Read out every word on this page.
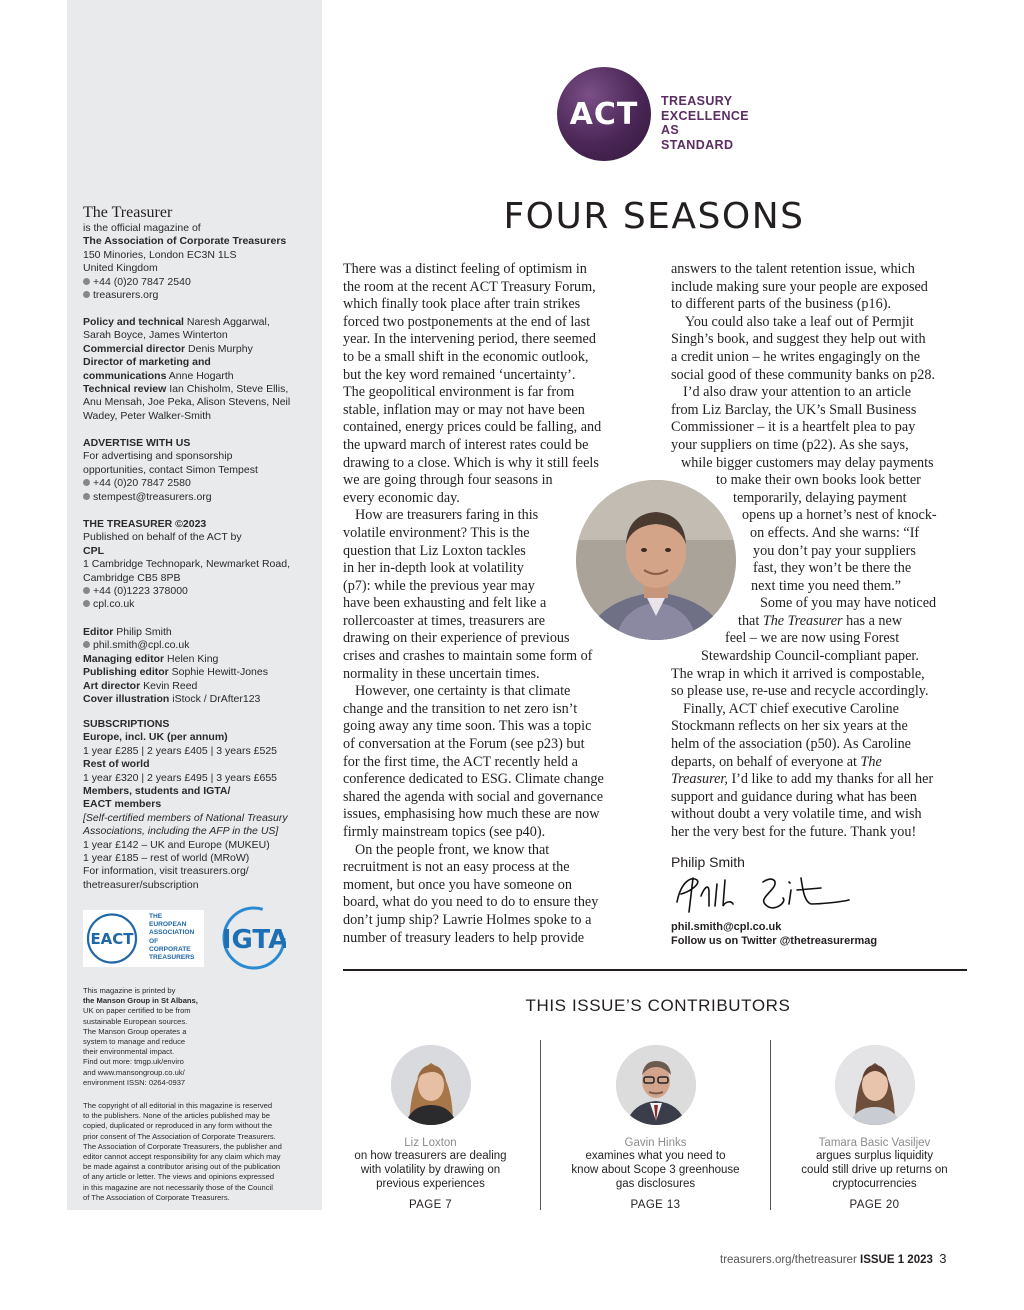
The Treasurer

is the official magazine of

The Association of Corporate Treasurers

150 Minories, London EC3N 1LS

United Kingdom

+44 (0)20 7847 2540

treasurers.org

Policy and technical Naresh Aggarwal,

Sarah Boyce, James Winterton

Commercial director Denis Murphy

Director of marketing and

communications Anne Hogarth

Technical review Ian Chisholm, Steve Ellis,

Anu Mensah, Joe Peka, Alison Stevens, Neil

Wadey, Peter Walker-Smith

ADVERTISE WITH US

For advertising and sponsorship

opportunities, contact Simon Tempest

+44 (0)20 7847 2580

stempest@treasurers.org

THE TREASURER ©2023

Published on behalf of the ACT by

CPL

1 Cambridge Technopark, Newmarket Road,

Cambridge CB5 8PB

+44 (0)1223 378000

cpl.co.uk

Editor Philip Smith

phil.smith@cpl.co.uk

Managing editor Helen King

Publishing editor Sophie Hewitt-Jones

Art director Kevin Reed

Cover illustration iStock / DrAfter123

SUBSCRIPTIONS

Europe, incl. UK (per annum)

1 year £285 | 2 years £405 | 3 years £525

Rest of world

1 year £320 | 2 years £495 | 3 years £655

Members, students and IGTA/

EACT members

[Self-certified members of National Treasury

Associations, including the AFP in the US]

1 year £142 – UK and Europe (MUKEU)

1 year £185 – rest of world (MRoW)

For information, visit treasurers.org/

thetreasurer/subscription

EACT
THE
EUROPEAN
ASSOCIATION
OF
CORPORATE
TREASURERS
IGTA

This magazine is printed by

the Manson Group in St Albans,

UK on paper certified to be from

sustainable European sources.

The Manson Group operates a

system to manage and reduce

their environmental impact.

Find out more: tmgp.uk/enviro

and www.mansongroup.co.uk/

environment ISSN: 0264-0937

The copyright of all editorial in this magazine is reserved

to the publishers. None of the articles published may be

copied, duplicated or reproduced in any form without the

prior consent of The Association of Corporate Treasurers.

The Association of Corporate Treasurers, the publisher and

editor cannot accept responsibility for any claim which may

be made against a contributor arising out of the publication

of any article or letter. The views and opinions expressed

in this magazine are not necessarily those of the Council

of The Association of Corporate Treasurers.

ACT	TREASURY
EXCELLENCE
AS STANDARD
FOUR SEASONS
There was a distinct feeling of optimism in
the room at the recent ACT Treasury Forum,
which finally took place after train strikes
forced two postponements at the end of last
year. In the intervening period, there seemed
to be a small shift in the economic outlook,
but the key word remained ‘uncertainty’.
The geopolitical environment is far from
stable, inflation may or may not have been
contained, energy prices could be falling, and
the upward march of interest rates could be
drawing to a close. Which is why it still feels
we are going through four seasons in
every economic day.
How are treasurers faring in this
volatile environment? This is the
question that Liz Loxton tackles
in her in-depth look at volatility
(p7): while the previous year may
have been exhausting and felt like a
rollercoaster at times, treasurers are
drawing on their experience of previous
crises and crashes to maintain some form of
normality in these uncertain times.
However, one certainty is that climate
change and the transition to net zero isn’t
going away any time soon. This was a topic
of conversation at the Forum (see p23) but
for the first time, the ACT recently held a
conference dedicated to ESG. Climate change
shared the agenda with social and governance
issues, emphasising how much these are now
firmly mainstream topics (see p40).
On the people front, we know that
recruitment is not an easy process at the
moment, but once you have someone on
board, what do you need to do to ensure they
don’t jump ship? Lawrie Holmes spoke to a
number of treasury leaders to help provide
answers to the talent retention issue, which
include making sure your people are exposed
to different parts of the business (p16).
You could also take a leaf out of Permjit
Singh’s book, and suggest they help out with
a credit union – he writes engagingly on the
social good of these community banks on p28.
I’d also draw your attention to an article
from Liz Barclay, the UK’s Small Business
Commissioner – it is a heartfelt plea to pay
your suppliers on time (p22). As she says,
while bigger customers may delay payments
to make their own books look better
temporarily, delaying payment
opens up a hornet’s nest of knock-
on effects. And she warns: “If
you don’t pay your suppliers
fast, they won’t be there the
next time you need them.”
Some of you may have noticed
that The Treasurer has a new
feel – we are now using Forest
Stewardship Council-compliant paper.
The wrap in which it arrived is compostable,
so please use, re-use and recycle accordingly.
Finally, ACT chief executive Caroline
Stockmann reflects on her six years at the
helm of the association (p50). As Caroline
departs, on behalf of everyone at The
Treasurer, I’d like to add my thanks for all her
support and guidance during what has been
without doubt a very volatile time, and wish
her the very best for the future. Thank you!
Philip Smith
phil.smith@cpl.co.uk
Follow us on Twitter @thetreasurermag
THIS ISSUE’S CONTRIBUTORS
Liz Loxton
on how treasurers are dealing
with volatility by drawing on
previous experiences
PAGE 7
Gavin Hinks
examines what you need to
know about Scope 3 greenhouse
gas disclosures
PAGE 13
Tamara Basic Vasiljev
argues surplus liquidity
could still drive up returns on
cryptocurrencies
PAGE 20
treasurers.org/thetreasurer ISSUE 1 2023 3
